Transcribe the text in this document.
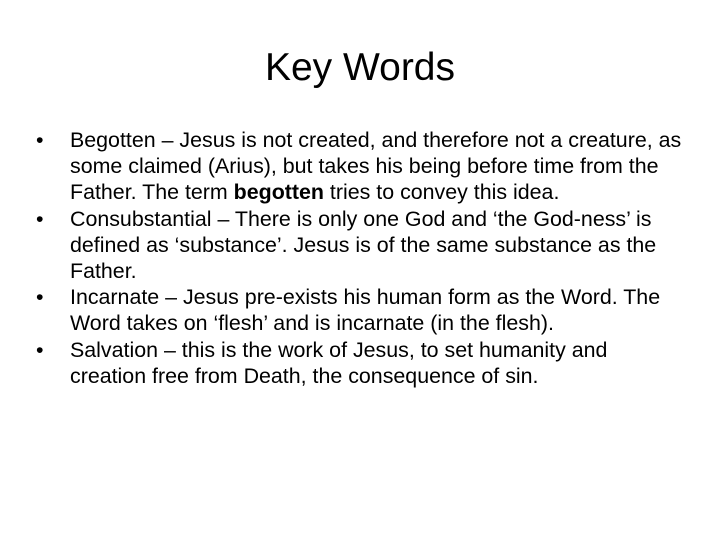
Key Words
•	Begotten – Jesus is not created, and therefore not a creature, as some claimed (Arius), but takes his being before time from the Father. The term begotten tries to convey this idea.
•	Consubstantial – There is only one God and ‘the God-ness’ is defined as ‘substance’. Jesus is of the same substance as the Father.
•	Incarnate – Jesus pre-exists his human form as the Word. The Word takes on ‘flesh’ and is incarnate (in the flesh).
•	Salvation – this is the work of Jesus, to set humanity and creation free from Death, the consequence of sin.
